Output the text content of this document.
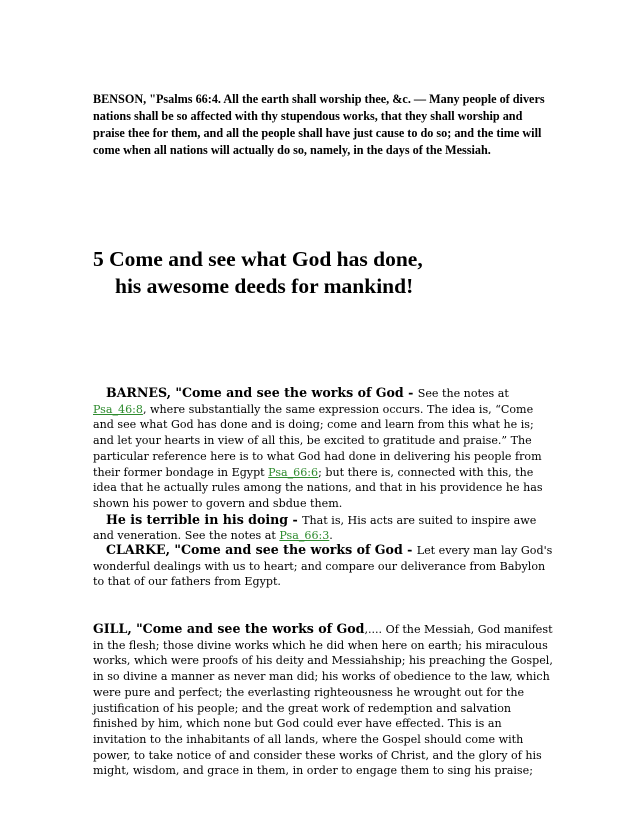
BENSON, "Psalms 66:4. All the earth shall worship thee, &c. — Many people of divers nations shall be so affected with thy stupendous works, that they shall worship and praise thee for them, and all the people shall have just cause to do so; and the time will come when all nations will actually do so, namely, in the days of the Messiah.

5 Come and see what God has done,
his awesome deeds for mankind!
BARNES, "Come and see the works of God - See the notes at Psa_46:8, where substantially the same expression occurs. The idea is, “Come and see what God has done and is doing; come and learn from this what he is; and let your hearts in view of all this, be excited to gratitude and praise.” The particular reference here is to what God had done in delivering his people from their former bondage in Egypt Psa_66:6; but there is, connected with this, the idea that he actually rules among the nations, and that in his providence he has shown his power to govern and sbdue them.
He is terrible in his doing - That is, His acts are suited to inspire awe and veneration. See the notes at Psa_66:3.
CLARKE, "Come and see the works of God - Let every man lay God's wonderful dealings with us to heart; and compare our deliverance from Babylon to that of our fathers from Egypt.
GILL, "Come and see the works of God,.... Of the Messiah, God manifest in the flesh; those divine works which he did when here on earth; his miraculous works, which were proofs of his deity and Messiahship; his preaching the Gospel, in so divine a manner as never man did; his works of obedience to the law, which were pure and perfect; the everlasting righteousness he wrought out for the justification of his people; and the great work of redemption and salvation finished by him, which none but God could ever have effected. This is an invitation to the inhabitants of all lands, where the Gospel should come with power, to take notice of and consider these works of Christ, and the glory of his might, wisdom, and grace in them, in order to engage them to sing his praise;
